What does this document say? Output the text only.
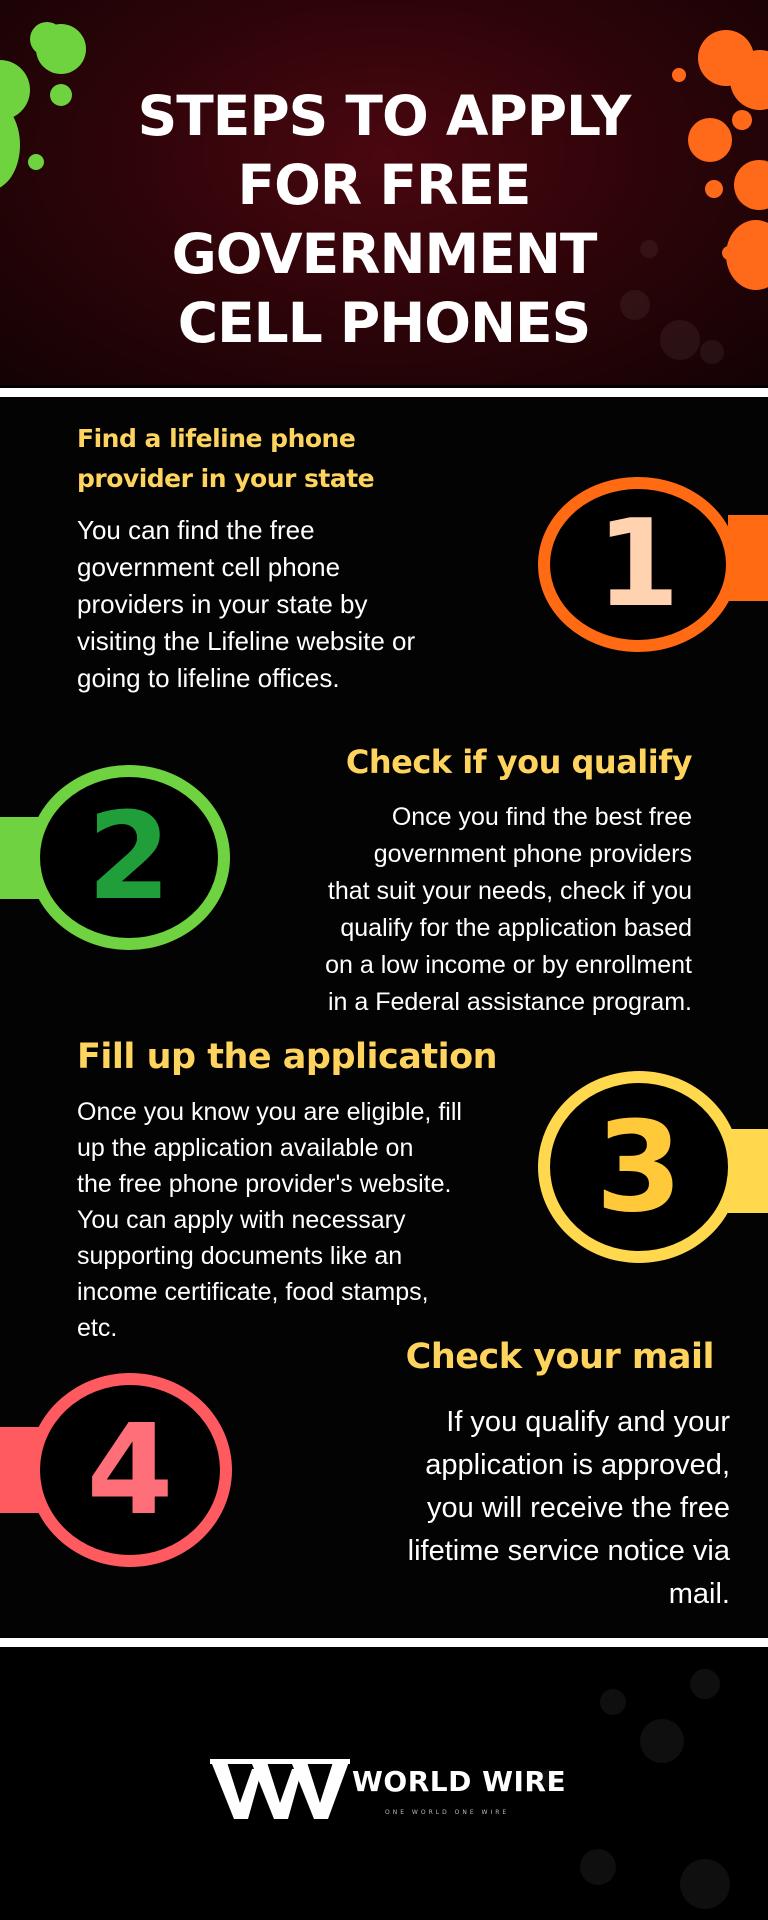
STEPS TO APPLY
FOR FREE
GOVERNMENT
CELL PHONES

Find a lifeline phone
provider in your state

You can find the free
government cell phone
providers in your state by
visiting the Lifeline website or
going to lifeline offices.

1

Check if you qualify

Once you find the best free
government phone providers
that suit your needs, check if you
qualify for the application based
on a low income or by enrollment
in a Federal assistance program.

2

Fill up the application

Once you know you are eligible, fill
up the application available on
the free phone provider's website.
You can apply with necessary
supporting documents like an
income certificate, food stamps,
etc.

3

Check your mail

If you qualify and your
application is approved,
you will receive the free
lifetime service notice via
mail.

4

WORLD WIRE

ONE WORLD ONE WIRE
